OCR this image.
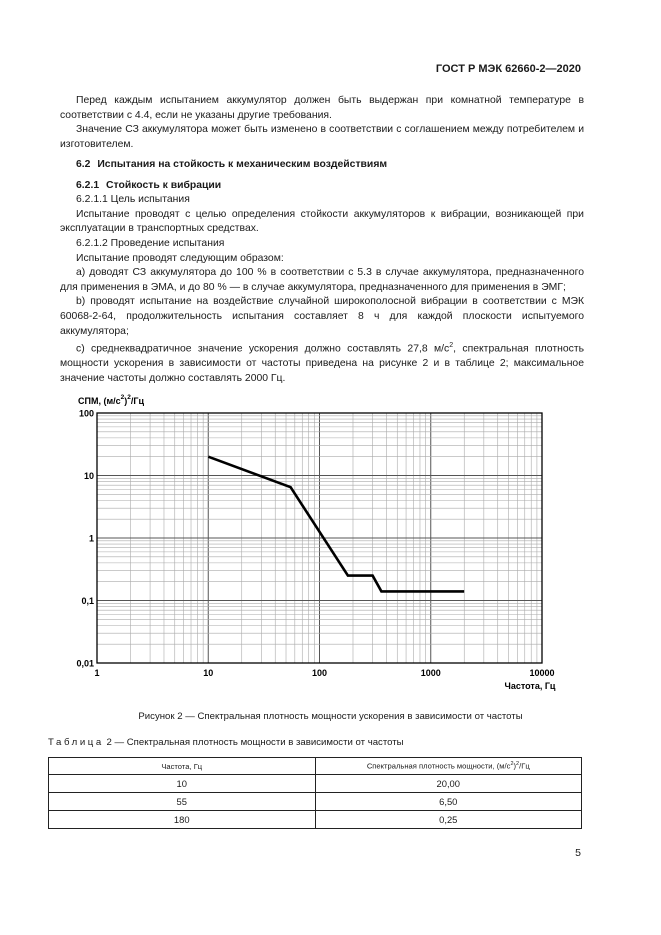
ГОСТ Р МЭК 62660-2—2020

Перед каждым испытанием аккумулятор должен быть выдержан при комнатной температуре в соответствии с 4.4, если не указаны другие требования.

Значение СЗ аккумулятора может быть изменено в соответствии с соглашением между потребителем и изготовителем.

6.2 Испытания на стойкость к механическим воздействиям

6.2.1 Стойкость к вибрации

6.2.1.1 Цель испытания

Испытание проводят с целью определения стойкости аккумуляторов к вибрации, возникающей при эксплуатации в транспортных средствах.

6.2.1.2 Проведение испытания

Испытание проводят следующим образом:

a) доводят СЗ аккумулятора до 100 % в соответствии с 5.3 в случае аккумулятора, предназначенного для применения в ЭМА, и до 80 % — в случае аккумулятора, предназначенного для применения в ЭМГ;

b) проводят испытание на воздействие случайной широкополосной вибрации в соответствии с МЭК 60068-2-64, продолжительность испытания составляет 8 ч для каждой плоскости испытуемого аккумулятора;

c) среднеквадратичное значение ускорения должно составлять 27,8 $м/с^2$, спектральная плотность мощности ускорения в зависимости от частоты приведена на рисунке 2 и в таблице 2; максимальное значение частоты должно составлять 2000 Гц.

СПМ, $(м/с^2)^2/Гц$
1	10	100	1000	10000
100
10
1
0,1
0,01
Частота, Гц
Рисунок 2 — Спектральная плотность мощности ускорения в зависимости от частоты
Таблица 2 — Спектральная плотность мощности в зависимости от частоты
Частота, Гц	Спектральная плотность мощности, $(м/с^2)^2/Гц$
10	20,00
55	6,50
180	0,25
5
